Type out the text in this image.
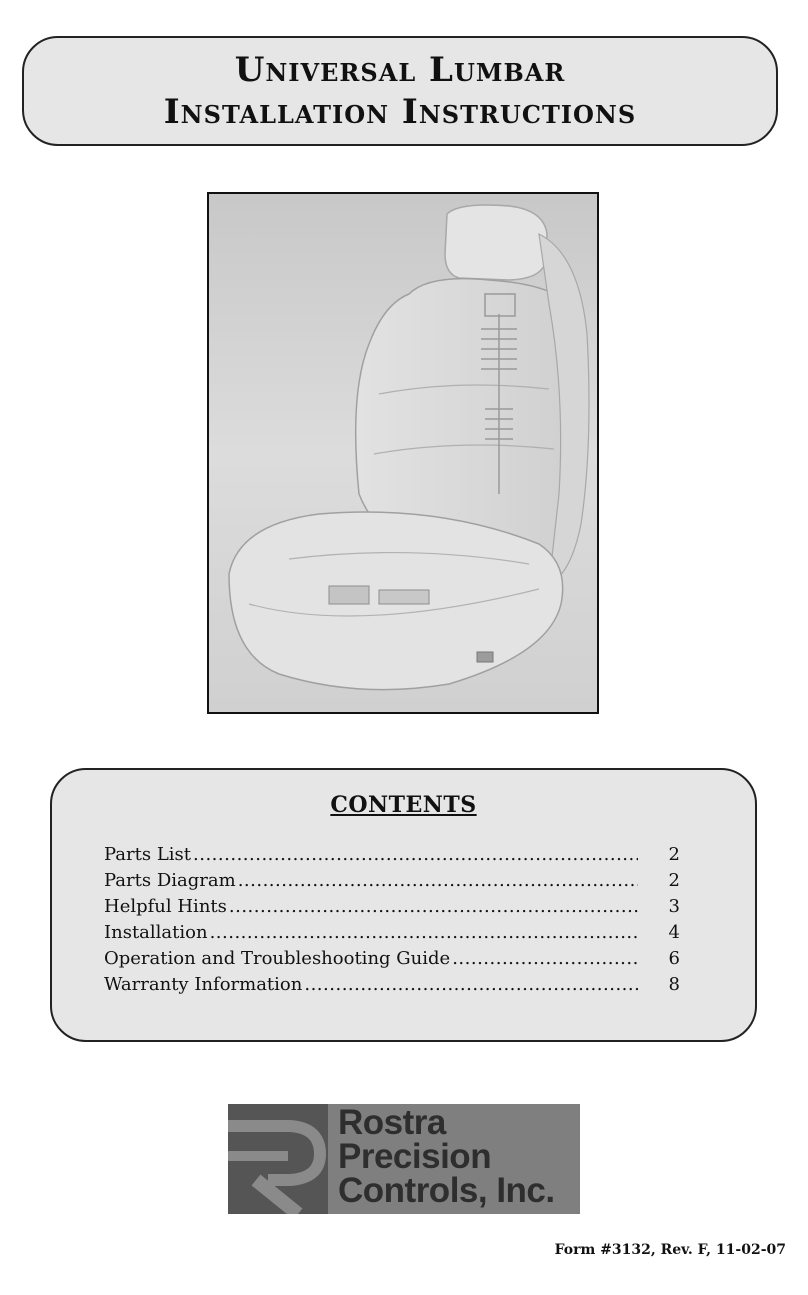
Universal Lumbar
Installation Instructions
CONTENTS
Parts List .....	2
Parts Diagram .....	2
Helpful Hints .....	3
Installation .....	4
Operation and Troubleshooting Guide .....	6
Warranty Information .....	8
Rostra
Precision
Controls, Inc.
Form #3132, Rev. F, 11-02-07
